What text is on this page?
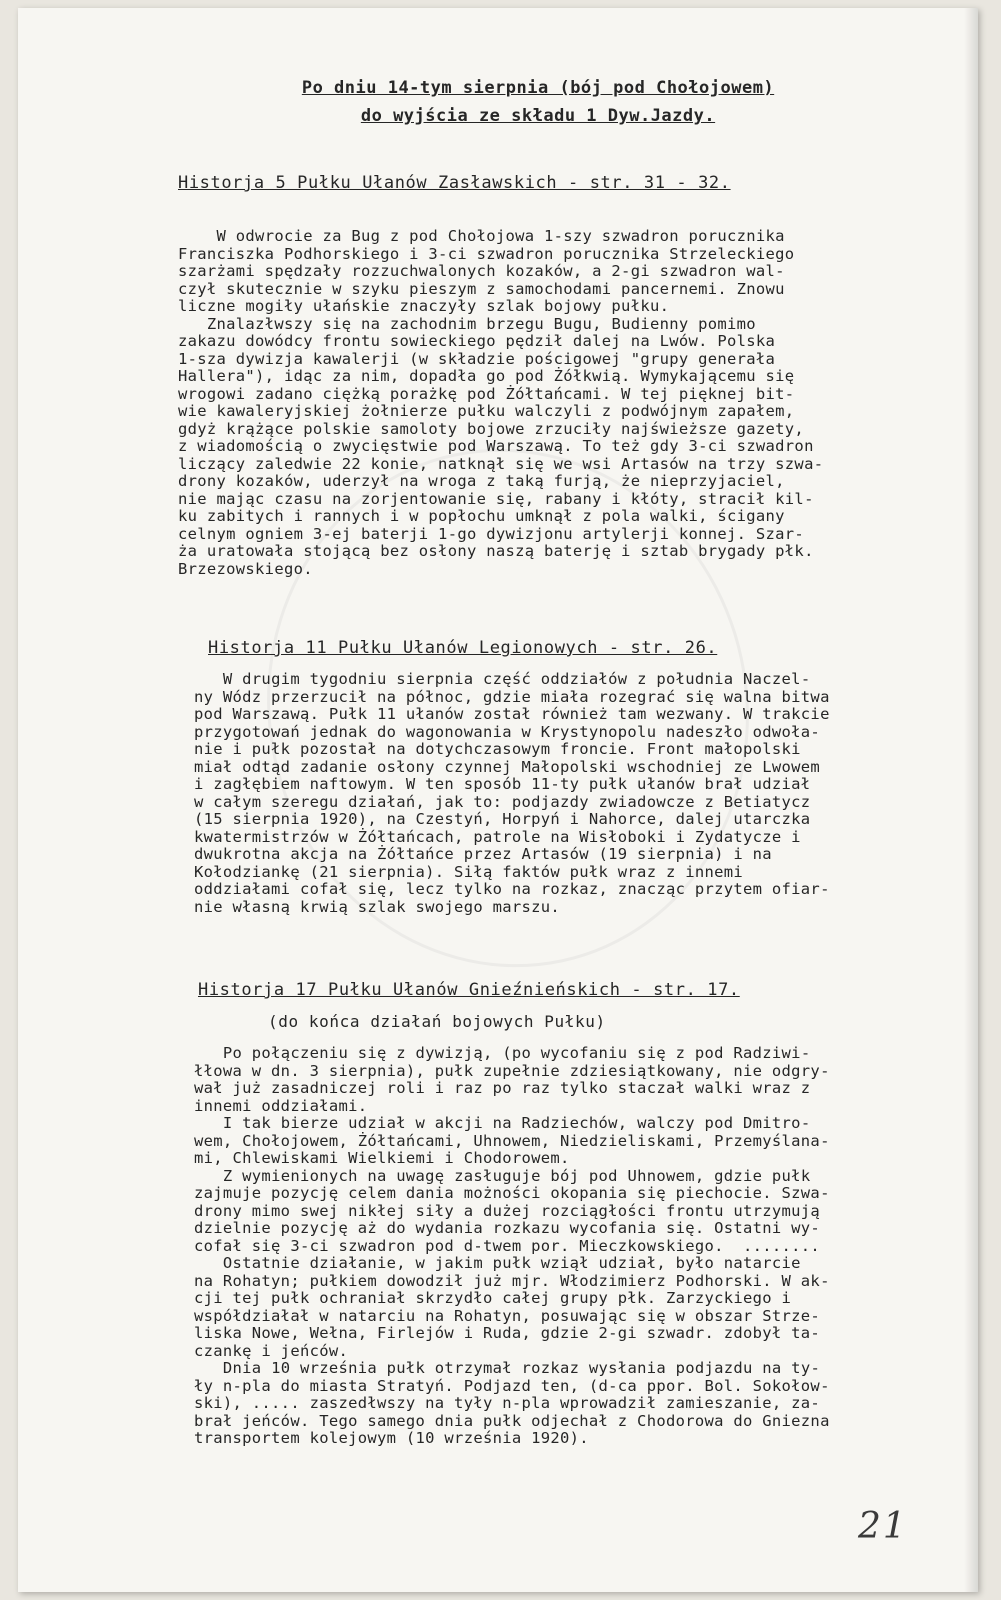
Po dniu 14-tym sierpnia (bój pod Chołojowem)
do wyjścia ze składu 1 Dyw.Jazdy.
Historja 5 Pułku Ułanów Zasławskich - str. 31 - 32.
W odwrocie za Bug z pod Chołojowa 1-szy szwadron porucznika
Franciszka Podhorskiego i 3-ci szwadron porucznika Strzeleckiego
szarżami spędzały rozzuchwalonych kozaków, a 2-gi szwadron wal-
czył skutecznie w szyku pieszym z samochodami pancernemi. Znowu
liczne mogiły ułańskie znaczyły szlak bojowy pułku.
Znalazłwszy się na zachodnim brzegu Bugu, Budienny pomimo
zakazu dowódcy frontu sowieckiego pędził dalej na Lwów. Polska
1-sza dywizja kawalerji (w składzie pościgowej "grupy generała
Hallera"), idąc za nim, dopadła go pod Żółkwią. Wymykającemu się
wrogowi zadano ciężką porażkę pod Żółtańcami. W tej pięknej bit-
wie kawaleryjskiej żołnierze pułku walczyli z podwójnym zapałem,
gdyż krążące polskie samoloty bojowe zrzuciły najświeższe gazety,
z wiadomością o zwycięstwie pod Warszawą. To też gdy 3-ci szwadron
liczący zaledwie 22 konie, natknął się we wsi Artasów na trzy szwa-
drony kozaków, uderzył na wroga z taką furją, że nieprzyjaciel,
nie mając czasu na zorjentowanie się, rabany i kłóty, stracił kil-
ku zabitych i rannych i w popłochu umknął z pola walki, ścigany
celnym ogniem 3-ej baterji 1-go dywizjonu artylerji konnej. Szar-
ża uratowała stojącą bez osłony naszą baterję i sztab brygady płk.
Brzezowskiego.
Historja 11 Pułku Ułanów Legionowych - str. 26.
W drugim tygodniu sierpnia część oddziałów z południa Naczel-
ny Wódz przerzucił na północ, gdzie miała rozegrać się walna bitwa
pod Warszawą. Pułk 11 ułanów został również tam wezwany. W trakcie
przygotowań jednak do wagonowania w Krystynopolu nadeszło odwoła-
nie i pułk pozostał na dotychczasowym froncie. Front małopolski
miał odtąd zadanie osłony czynnej Małopolski wschodniej ze Lwowem
i zagłębiem naftowym. W ten sposób 11-ty pułk ułanów brał udział
w całym szeregu działań, jak to: podjazdy zwiadowcze z Betiatycz
(15 sierpnia 1920), na Czestyń, Horpyń i Nahorce, dalej utarczka
kwatermistrzów w Żółtańcach, patrole na Wisłoboki i Zydatycze i
dwukrotna akcja na Żółtańce przez Artasów (19 sierpnia) i na
Kołodziankę (21 sierpnia). Siłą faktów pułk wraz z innemi
oddziałami cofał się, lecz tylko na rozkaz, znacząc przytem ofiar-
nie własną krwią szlak swojego marszu.
Historja 17 Pułku Ułanów Gnieźnieńskich - str. 17.
(do końca działań bojowych Pułku)
Po połączeniu się z dywizją, (po wycofaniu się z pod Radziwi-
łłowa w dn. 3 sierpnia), pułk zupełnie zdziesiątkowany, nie odgry-
wał już zasadniczej roli i raz po raz tylko staczał walki wraz z
innemi oddziałami.
I tak bierze udział w akcji na Radziechów, walczy pod Dmitro-
wem, Chołojowem, Żółtańcami, Uhnowem, Niedzieliskami, Przemyślana-
mi, Chlewiskami Wielkiemi i Chodorowem.
Z wymienionych na uwagę zasługuje bój pod Uhnowem, gdzie pułk
zajmuje pozycję celem dania możności okopania się piechocie. Szwa-
drony mimo swej nikłej siły a dużej rozciągłości frontu utrzymują
dzielnie pozycję aż do wydania rozkazu wycofania się. Ostatni wy-
cofał się 3-ci szwadron pod d-twem por. Mieczkowskiego.  ........
Ostatnie działanie, w jakim pułk wziął udział, było natarcie
na Rohatyn; pułkiem dowodził już mjr. Włodzimierz Podhorski. W ak-
cji tej pułk ochraniał skrzydło całej grupy płk. Zarzyckiego i
współdziałał w natarciu na Rohatyn, posuwając się w obszar Strze-
liska Nowe, Wełna, Firlejów i Ruda, gdzie 2-gi szwadr. zdobył ta-
czankę i jeńców.
Dnia 10 września pułk otrzymał rozkaz wysłania podjazdu na ty-
ły n-pla do miasta Stratyń. Podjazd ten, (d-ca ppor. Bol. Sokołow-
ski), ..... zaszedłwszy na tyły n-pla wprowadził zamieszanie, za-
brał jeńców. Tego samego dnia pułk odjechał z Chodorowa do Gniezna
transportem kolejowym (10 września 1920).
21
